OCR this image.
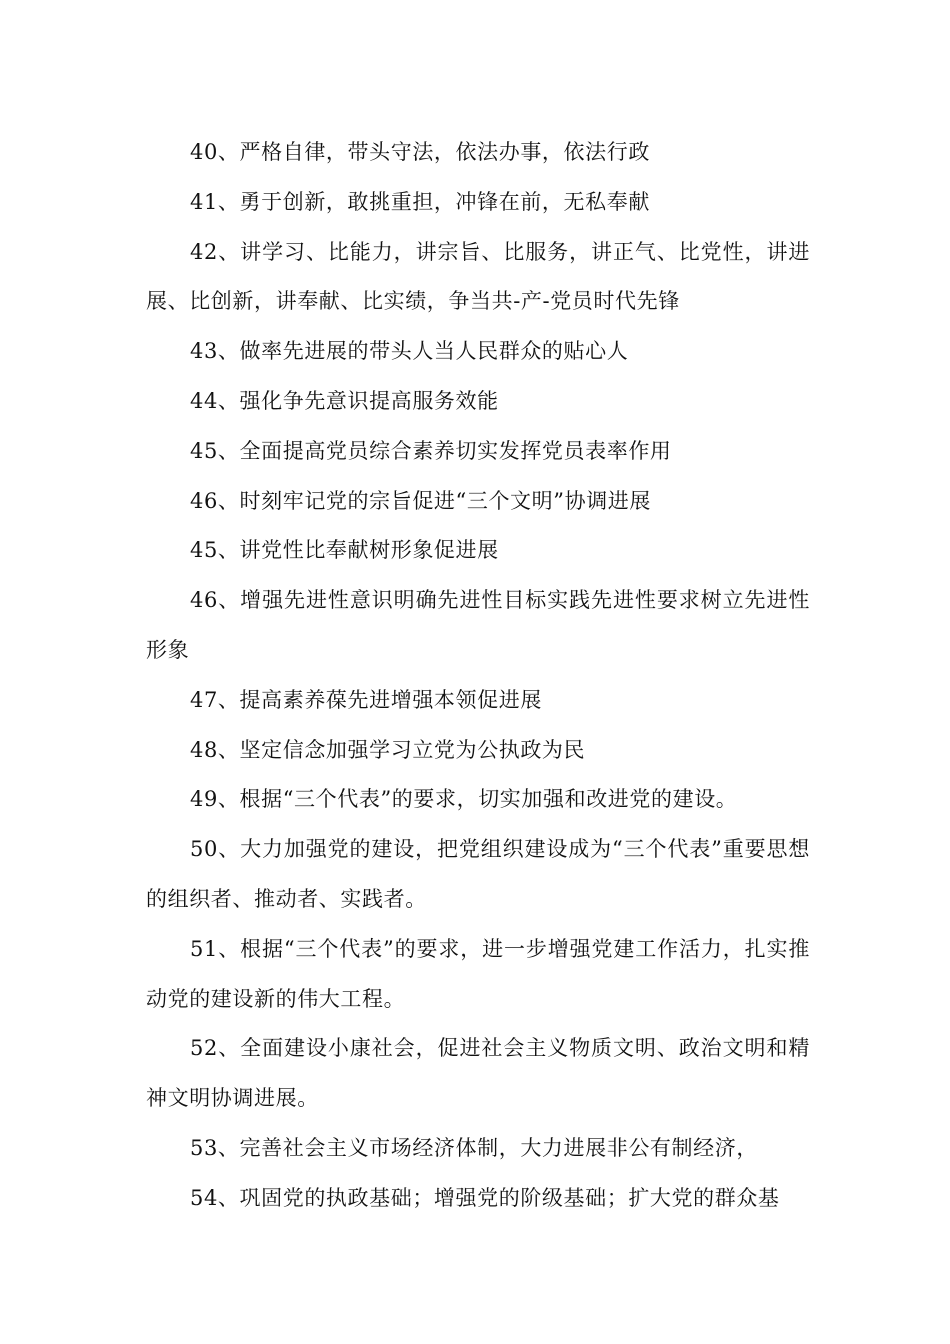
40、严格自律，带头守法，依法办事，依法行政

41、勇于创新，敢挑重担，冲锋在前，无私奉献

42、讲学习、比能力，讲宗旨、比服务，讲正气、比党性，讲进展、比创新，讲奉献、比实绩，争当共-产-党员时代先锋

43、做率先进展的带头人当人民群众的贴心人

44、强化争先意识提高服务效能

45、全面提高党员综合素养切实发挥党员表率作用

46、时刻牢记党的宗旨促进“三个文明”协调进展

45、讲党性比奉献树形象促进展

46、增强先进性意识明确先进性目标实践先进性要求树立先进性形象

47、提高素养葆先进增强本领促进展

48、坚定信念加强学习立党为公执政为民

49、根据“三个代表”的要求，切实加强和改进党的建设。

50、大力加强党的建设，把党组织建设成为“三个代表”重要思想的组织者、推动者、实践者。

51、根据“三个代表”的要求，进一步增强党建工作活力，扎实推动党的建设新的伟大工程。

52、全面建设小康社会，促进社会主义物质文明、政治文明和精神文明协调进展。

53、完善社会主义市场经济体制，大力进展非公有制经济，

54、巩固党的执政基础；增强党的阶级基础；扩大党的群众基
